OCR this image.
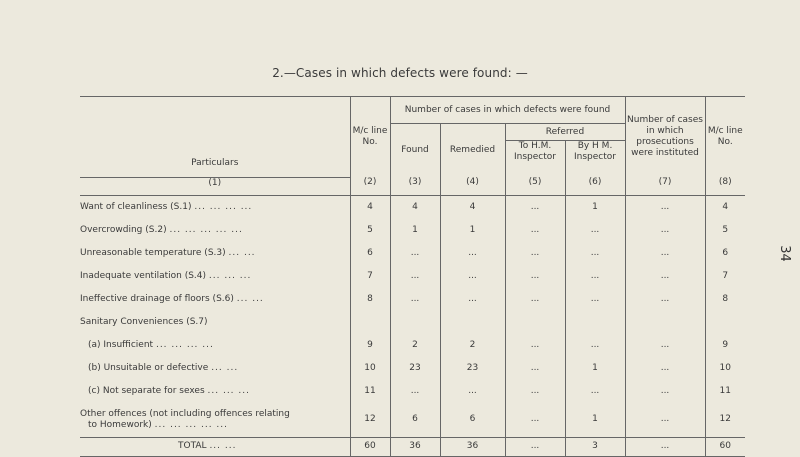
2.—Cases in which defects were found: —
34
Particulars	M/c line No.	Number of cases in which defects were found				Number of cases in which prosecutions were instituted	M/c line No.
		Found	Remedied	Referred			
				To H.M. Inspector	By H M. Inspector		
(1)	(2)	(3)	(4)	(5)	(6)	(7)	(8)
Want of cleanliness (S.1) ... ... ... ...	4	4	4	...	1	...	4
Overcrowding (S.2) ... ... ... ... ...	5	1	1	...	...	...	5
Unreasonable temperature (S.3) ... ...	6	...	...	...	...	...	6
Inadequate ventilation (S.4) ... ... ...	7	...	...	...	...	...	7
Ineffective drainage of floors (S.6) ... ...	8	...	...	...	...	...	8
Sanitary Conveniences (S.7)							
(a) Insufficient ... ... ... ...	9	2	2	...	...	...	9
(b) Unsuitable or defective ... ...	10	23	23	...	1	...	10
(c) Not separate for sexes ... ... ...	11	...	...	...	...	...	11
Other offences (not including offences relating
to Homework) ... ... ... ... ...	12	6	6	...	1	...	12
TOTAL ... ...	60	36	36	...	3	...	60
